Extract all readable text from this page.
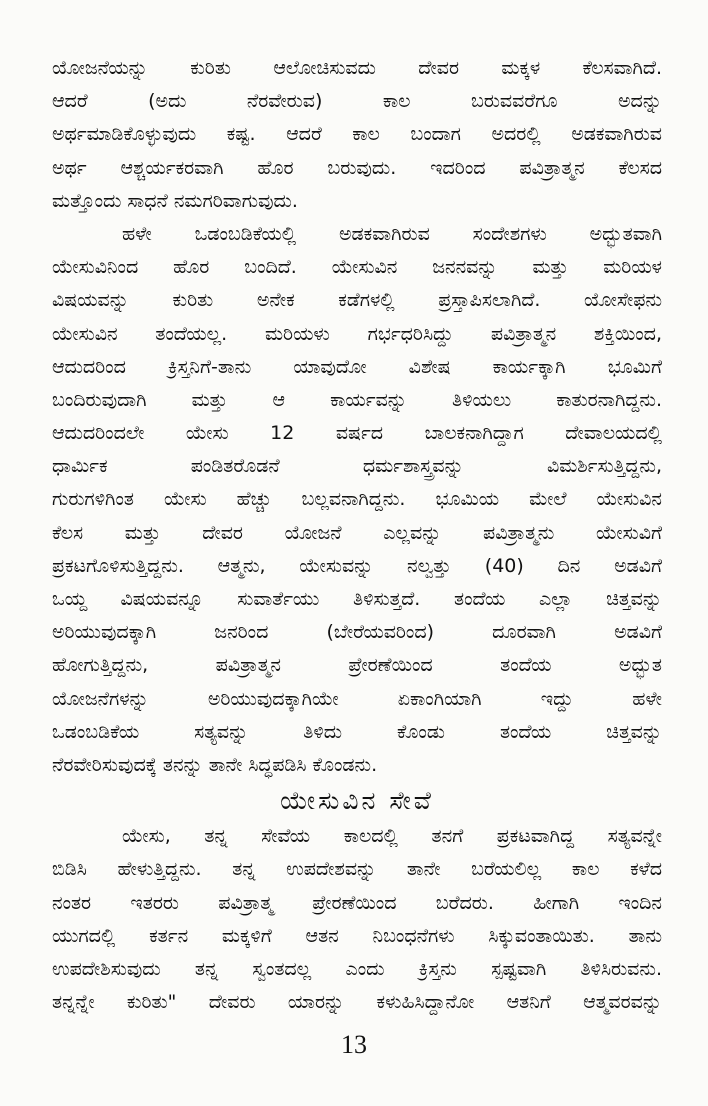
ಯೋಜನೆಯನ್ನು ಕುರಿತು ಆಲೋಚಿಸುವದು ದೇವರ ಮಕ್ಕಳ ಕೆಲಸವಾಗಿದೆ.
ಆದರೆ (ಅದು ನೆರವೇರುವ) ಕಾಲ ಬರುವವರೆಗೂ ಅದನ್ನು
ಅರ್ಥಮಾಡಿಕೊಳ್ಳುವುದು ಕಷ್ಟ. ಆದರೆ ಕಾಲ ಬಂದಾಗ ಅದರಲ್ಲಿ ಅಡಕವಾಗಿರುವ
ಅರ್ಥ ಆಶ್ಚರ್ಯಕರವಾಗಿ ಹೊರ ಬರುವುದು. ಇದರಿಂದ ಪವಿತ್ರಾತ್ಮನ ಕೆಲಸದ
ಮತ್ತೊಂದು ಸಾಧನೆ ನಮಗರಿವಾಗುವುದು.
ಹಳೇ ಒಡಂಬಡಿಕೆಯಲ್ಲಿ ಅಡಕವಾಗಿರುವ ಸಂದೇಶಗಳು ಅದ್ಭುತವಾಗಿ
ಯೇಸುವಿನಿಂದ ಹೊರ ಬಂದಿದೆ. ಯೇಸುವಿನ ಜನನವನ್ನು ಮತ್ತು ಮರಿಯಳ
ವಿಷಯವನ್ನು ಕುರಿತು ಅನೇಕ ಕಡೆಗಳಲ್ಲಿ ಪ್ರಸ್ತಾಪಿಸಲಾಗಿದೆ. ಯೋಸೇಫನು
ಯೇಸುವಿನ ತಂದೆಯಲ್ಲ. ಮರಿಯಳು ಗರ್ಭಧರಿಸಿದ್ದು ಪವಿತ್ರಾತ್ಮನ ಶಕ್ತಿಯಿಂದ,
ಆದುದರಿಂದ ಕ್ರಿಸ್ತನಿಗೆ-ತಾನು ಯಾವುದೋ ವಿಶೇಷ ಕಾರ್ಯಕ್ಕಾಗಿ ಭೂಮಿಗೆ
ಬಂದಿರುವುದಾಗಿ ಮತ್ತು ಆ ಕಾರ್ಯವನ್ನು ತಿಳಿಯಲು ಕಾತುರನಾಗಿದ್ದನು.
ಆದುದರಿಂದಲೇ ಯೇಸು 12 ವರ್ಷದ ಬಾಲಕನಾಗಿದ್ದಾಗ ದೇವಾಲಯದಲ್ಲಿ
ಧಾರ್ಮಿಕ ಪಂಡಿತರೊಡನೆ ಧರ್ಮಶಾಸ್ತ್ರವನ್ನು ವಿಮರ್ಶಿಸುತ್ತಿದ್ದನು,
ಗುರುಗಳಿಗಿಂತ ಯೇಸು ಹೆಚ್ಚು ಬಲ್ಲವನಾಗಿದ್ದನು. ಭೂಮಿಯ ಮೇಲೆ ಯೇಸುವಿನ
ಕೆಲಸ ಮತ್ತು ದೇವರ ಯೋಜನೆ ಎಲ್ಲವನ್ನು ಪವಿತ್ರಾತ್ಮನು ಯೇಸುವಿಗೆ
ಪ್ರಕಟಗೊಳಿಸುತ್ತಿದ್ದನು. ಆತ್ಮನು, ಯೇಸುವನ್ನು ನಲ್ವತ್ತು (40) ದಿನ ಅಡವಿಗೆ
ಒಯ್ದ ವಿಷಯವನ್ನೂ ಸುವಾರ್ತೆಯು ತಿಳಿಸುತ್ತದೆ. ತಂದೆಯ ಎಲ್ಲಾ ಚಿತ್ತವನ್ನು
ಅರಿಯುವುದಕ್ಕಾಗಿ ಜನರಿಂದ (ಬೇರೆಯವರಿಂದ) ದೂರವಾಗಿ ಅಡವಿಗೆ
ಹೋಗುತ್ತಿದ್ದನು, ಪವಿತ್ರಾತ್ಮನ ಪ್ರೇರಣೆಯಿಂದ ತಂದೆಯ ಅದ್ಭುತ
ಯೋಜನೆಗಳನ್ನು ಅರಿಯುವುದಕ್ಕಾಗಿಯೇ ಏಕಾಂಗಿಯಾಗಿ ಇದ್ದು ಹಳೇ
ಒಡಂಬಡಿಕೆಯ ಸತ್ಯವನ್ನು ತಿಳಿದು ಕೊಂಡು ತಂದೆಯ ಚಿತ್ತವನ್ನು
ನೆರವೇರಿಸುವುದಕ್ಕೆ ತನನ್ನು ತಾನೇ ಸಿದ್ಧಪಡಿಸಿ ಕೊಂಡನು.
ಯೇಸುವಿನ ಸೇವೆ
ಯೇಸು, ತನ್ನ ಸೇವೆಯ ಕಾಲದಲ್ಲಿ ತನಗೆ ಪ್ರಕಟವಾಗಿದ್ದ ಸತ್ಯವನ್ನೇ
ಬಿಡಿಸಿ ಹೇಳುತ್ತಿದ್ದನು. ತನ್ನ ಉಪದೇಶವನ್ನು ತಾನೇ ಬರೆಯಲಿಲ್ಲ ಕಾಲ ಕಳೆದ
ನಂತರ ಇತರರು ಪವಿತ್ರಾತ್ಮ ಪ್ರೇರಣೆಯಿಂದ ಬರೆದರು. ಹೀಗಾಗಿ ಇಂದಿನ
ಯುಗದಲ್ಲಿ ಕರ್ತನ ಮಕ್ಕಳಿಗೆ ಆತನ ನಿಬಂಧನೆಗಳು ಸಿಕ್ಕುವಂತಾಯಿತು. ತಾನು
ಉಪದೇಶಿಸುವುದು ತನ್ನ ಸ್ವಂತದಲ್ಲ ಎಂದು ಕ್ರಿಸ್ತನು ಸ್ಪಷ್ಟವಾಗಿ ತಿಳಿಸಿರುವನು.
ತನ್ನನ್ನೇ ಕುರಿತು" ದೇವರು ಯಾರನ್ನು ಕಳುಹಿಸಿದ್ದಾನೋ ಆತನಿಗೆ ಆತ್ಮವರವನ್ನು
13
